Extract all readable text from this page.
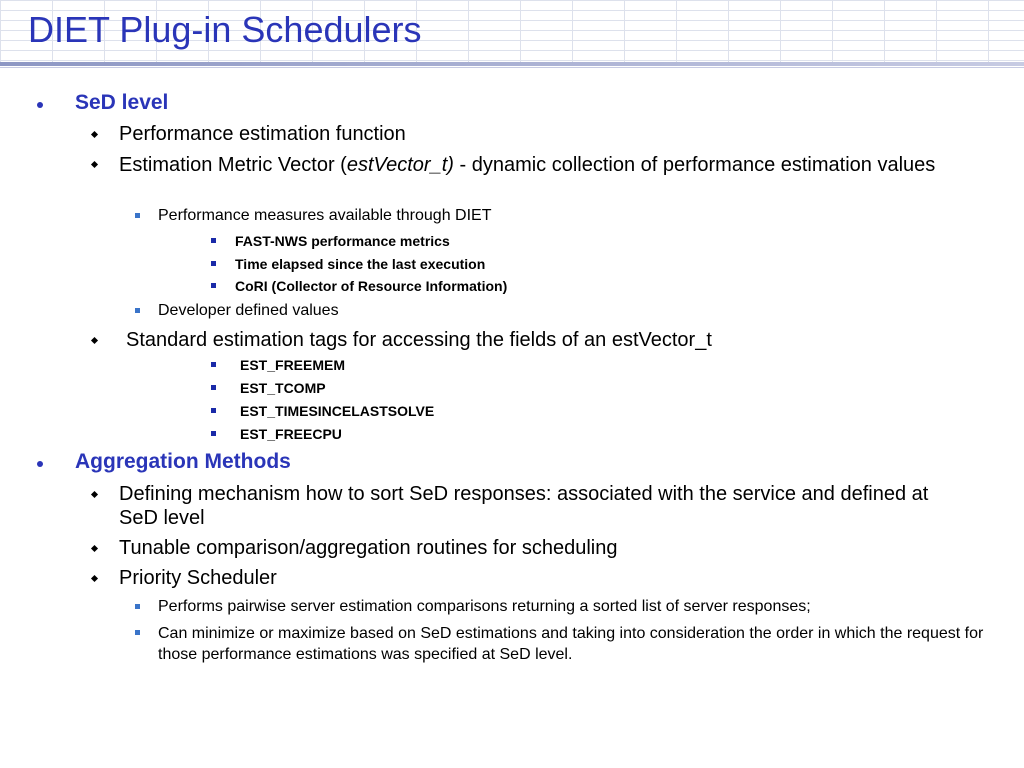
DIET Plug-in Schedulers
SeD level
Performance estimation function
Estimation Metric Vector (estVector_t) - dynamic collection of performance estimation values
Performance measures available through DIET
FAST-NWS performance metrics
Time elapsed since the last execution
CoRI (Collector of Resource Information)
Developer defined values
Standard estimation tags for accessing the fields of an estVector_t
EST_FREEMEM
EST_TCOMP
EST_TIMESINCELASTSOLVE
EST_FREECPU
Aggregation Methods
Defining mechanism how to sort SeD responses: associated with the service and defined at SeD level
Tunable comparison/aggregation routines for scheduling
Priority Scheduler
Performs pairwise server estimation comparisons returning a sorted list of server responses;
Can minimize or maximize based on SeD estimations and taking into consideration the order in which the request for those performance estimations was specified at SeD level.
